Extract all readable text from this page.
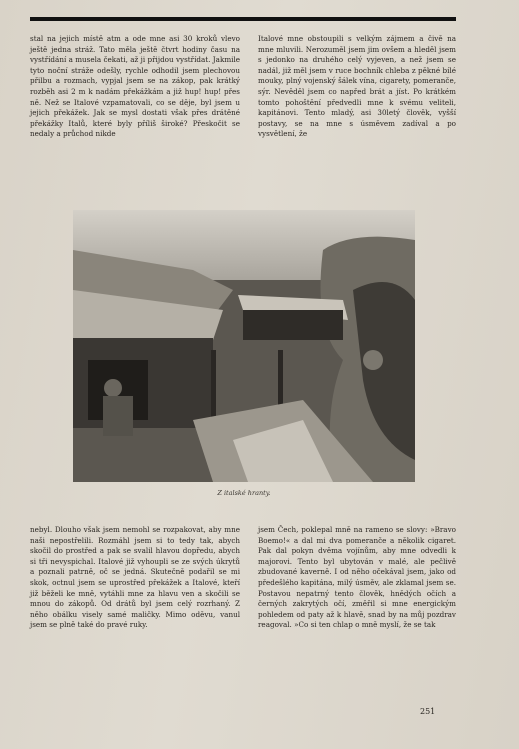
stal na jejich místě atm a ode mne asi 30 kroků vlevo ještě jedna stráž. Tato měla ještě čtvrt hodiny času na vystřídání a musela čekati, až ji přijdou vystřídat. Jakmile tyto noční stráže odešly, rychle odhodil jsem plechovou přilbu a rozmach, vypjal jsem se na zákop, pak krátký rozběh asi 2 m k nadám překážkám a již hup! hup! přes ně. Než se Italové vzpamatovali, co se děje, byl jsem u jejich překážek. Jak se mysl dostati však přes drátěné překážky Italů, které byly příliš široké? Přeskočit se nedaly a průchod nikde

Italové mne obstoupili s velkým zájmem a čivě na mne mluvili. Nerozuměl jsem jim ovšem a hleděl jsem s jedonko na druhého celý vyjeven, a než jsem se nadál, již měl jsem v ruce bochník chleba z pěkné bílé mouky, plný vojenský šálek vína, cigarety, pomeranče, sýr. Nevěděl jsem co napřed brát a jíst. Po krátkém tomto pohoštění předvedli mne k svému veliteli, kapitánovi. Tento mladý, asi 30letý člověk, vyšší postavy, se na mne s úsměvem zadíval a po vysvětlení, že

Z italské hranty.

nebyl. Dlouho však jsem nemohl se rozpakovat, aby mne naši nepostřelili. Rozmáhl jsem si to tedy tak, abych skočil do prostřed a pak se svalil hlavou dopředu, abych si tři nevyspichal. Italové již vyhoupli se ze svých úkrytů a poznali patrně, oč se jedná. Skutečně podařil se mi skok, octnul jsem se uprostřed překážek a Italové, kteří již běželi ke mně, vytáhli mne za hlavu ven a skočili se mnou do zákopů. Od drátů byl jsem celý rozrhaný. Z něho obálku visely samé maličky. Mimo oděvu, vanul jsem se plně také do pravé ruky.

jsem Čech, poklepal mně na rameno se slovy: »Bravo Boemo!« a dal mi dva pomeranče a několik cigaret. Pak dal pokyn dvěma vojínům, aby mne odvedli k majorovi. Tento byl ubytován v malé, ale pečlivě zbudované kaverně. I od něho očekával jsem, jako od předešlého kapitána, milý úsměv, ale zklamal jsem se. Postavou nepatrný tento člověk, hnědých očích a černých zakrytých očí, změřil si mne energickým pohledem od paty až k hlavě, snad by na můj pozdrav reagoval. »Co si ten chlap o mně myslí, že se tak

251
